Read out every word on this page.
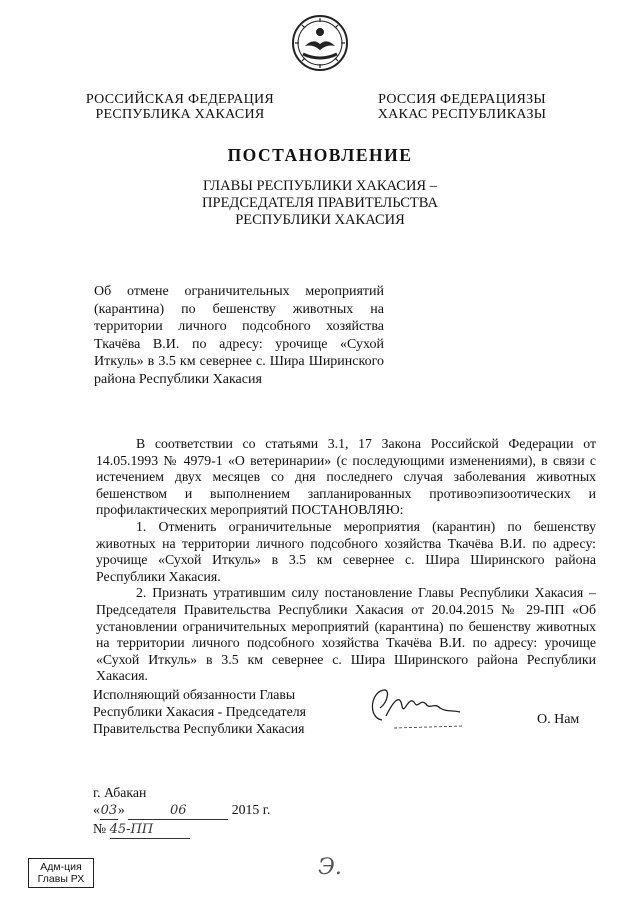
РОССИЙСКАЯ ФЕДЕРАЦИЯ
РЕСПУБЛИКА ХАКАСИЯ
РОССИЯ ФЕДЕРАЦИЯЗЫ
ХАКАС РЕСПУБЛИКАЗЫ
ПОСТАНОВЛЕНИЕ
ГЛАВЫ РЕСПУБЛИКИ ХАКАСИЯ –
ПРЕДСЕДАТЕЛЯ ПРАВИТЕЛЬСТВА
РЕСПУБЛИКИ ХАКАСИЯ
Об отмене ограничительных мероприятий (карантина) по бешенству животных на территории личного подсобного хозяйства Ткачёва В.И. по адресу: урочище «Сухой Иткуль» в 3.5 км севернее с. Шира Ширинского района Республики Хакасия

В соответствии со статьями 3.1, 17 Закона Российской Федерации от 14.05.1993 № 4979-1 «О ветеринарии» (с последующими изменениями), в связи с истечением двух месяцев со дня последнего случая заболевания животных бешенством и выполнением запланированных противоэпизоотических и профилактических мероприятий ПОСТАНОВЛЯЮ:

1. Отменить ограничительные мероприятия (карантин) по бешенству животных на территории личного подсобного хозяйства Ткачёва В.И. по адресу: урочище «Сухой Иткуль» в 3.5 км севернее с. Шира Ширинского района Республики Хакасия.

2. Признать утратившим силу постановление Главы Республики Хакасия – Председателя Правительства Республики Хакасия от 20.04.2015 № 29-ПП «Об установлении ограничительных мероприятий (карантина) по бешенству животных на территории личного подсобного хозяйства Ткачёва В.И. по адресу: урочище «Сухой Иткуль» в 3.5 км севернее с. Шира Ширинского района Республики Хакасия.

Исполняющий обязанности Главы
Республики Хакасия - Председателя
Правительства Республики Хакасия
О. Нам
г. Абакан
«03»	06	2015 г.
№ 45-ПП
Адм-ция
Главы РХ	Э.
